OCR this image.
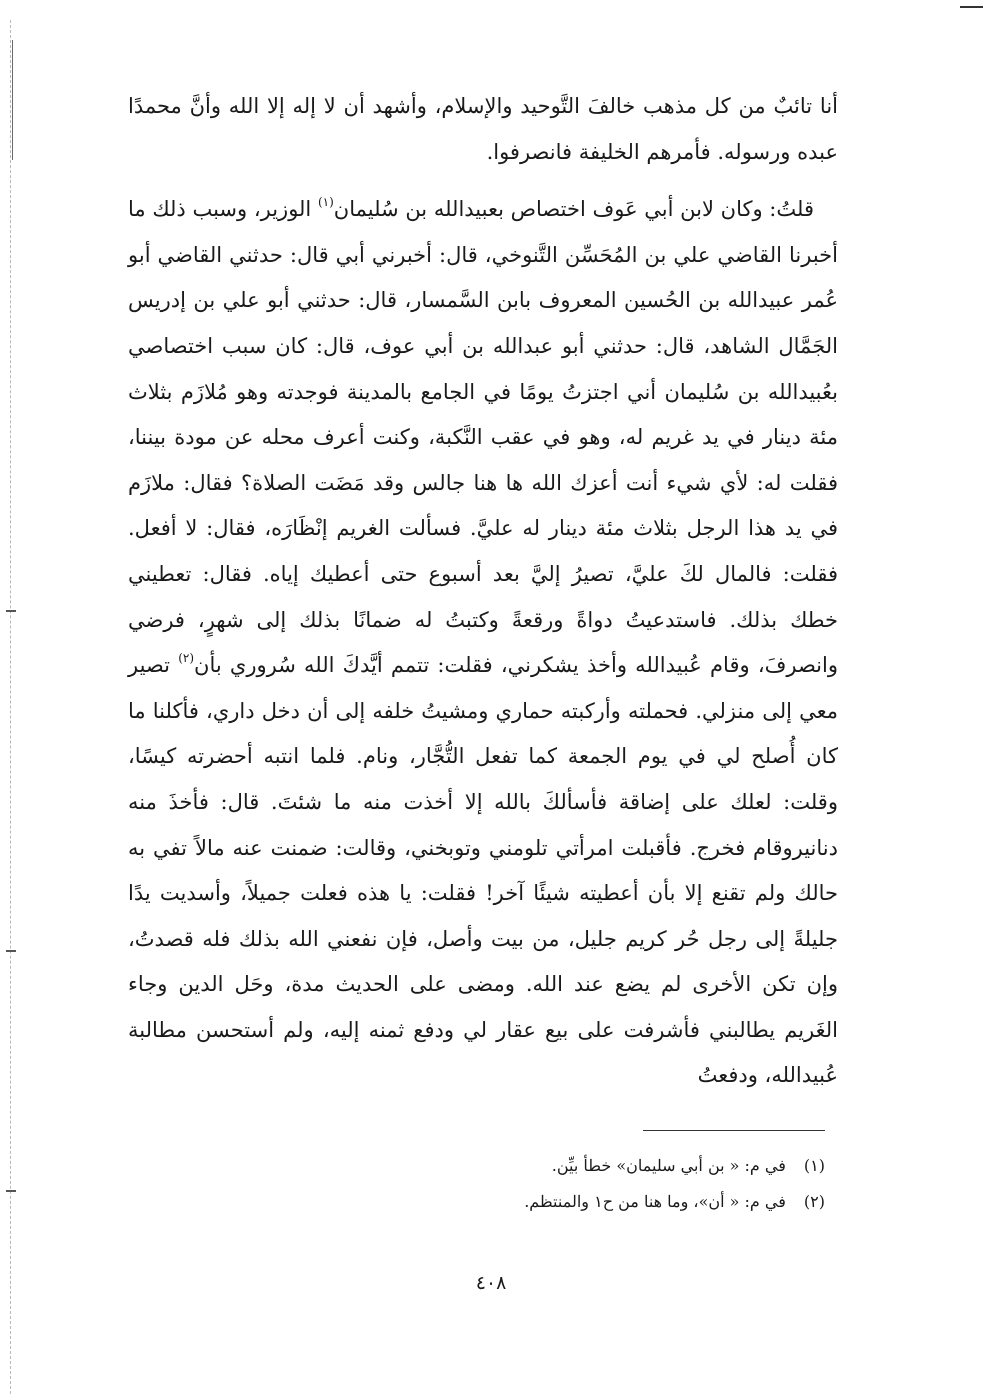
أنا تائبٌ من كل مذهب خالفَ التَّوحيد والإسلام، وأشهد أن لا إله إلا الله وأنَّ محمدًا عبده ورسوله. فأمرهم الخليفة فانصرفوا.

قلتُ: وكان لابن أبي عَوف اختصاص بعبيدالله بن سُليمان$^{(١)}$ الوزير، وسبب ذلك ما أخبرنا القاضي علي بن المُحَسِّن التَّنوخي، قال: أخبرني أبي قال: حدثني القاضي أبو عُمر عبيدالله بن الحُسين المعروف بابن السَّمسار، قال: حدثني أبو علي بن إدريس الجَمَّال الشاهد، قال: حدثني أبو عبدالله بن أبي عوف، قال: كان سبب اختصاصي بعُبيدالله بن سُليمان أني اجتزتُ يومًا في الجامع بالمدينة فوجدته وهو مُلازَم بثلاث مئة دينار في يد غريم له، وهو في عقب النَّكبة، وكنت أعرف محله عن مودة بيننا، فقلت له: لأي شيء أنت أعزك الله ها هنا جالس وقد مَضَت الصلاة؟ فقال: ملازَم في يد هذا الرجل بثلاث مئة دينار له عليَّ. فسألت الغريم إنْظَارَه، فقال: لا أفعل. فقلت: فالمال لكَ عليَّ، تصيرُ إليَّ بعد أسبوع حتى أعطيك إياه. فقال: تعطيني خطك بذلك. فاستدعيتُ دواةً ورقعةً وكتبتُ له ضمانًا بذلك إلى شهرٍ، فرضي وانصرفَ، وقام عُبيدالله وأخذ يشكرني، فقلت: تتمم أيَّدكَ الله سُروري بأن$^{(٢)}$ تصير معي إلى منزلي. فحملته وأركبته حماري ومشيتُ خلفه إلى أن دخل داري، فأكلنا ما كان أُصلح لي في يوم الجمعة كما تفعل التُّجَّار، ونام. فلما انتبه أحضرته كيسًا، وقلت: لعلك على إضاقة فأسألكَ بالله إلا أخذت منه ما شئتَ. قال: فأخذَ منه دنانيروقام فخرج. فأقبلت امرأتي تلومني وتوبخني، وقالت: ضمنت عنه مالاً تفي به حالك ولم تقنع إلا بأن أعطيته شيئًا آخر! فقلت: يا هذه فعلت جميلاً، وأسديت يدًا جليلةً إلى رجل حُر كريم جليل، من بيت وأصل، فإن نفعني الله بذلك فله قصدتُ، وإن تكن الأخرى لم يضع عند الله. ومضى على الحديث مدة، وحَل الدين وجاء الغَريم يطالبني فأشرفت على بيع عقار لي ودفع ثمنه إليه، ولم أستحسن مطالبة عُبيدالله، ودفعتُ

(١) في م: « بن أبي سليمان» خطأ بيِّن.
(٢) في م: « أن»، وما هنا من ح١ والمنتظم.
٤٠٨
